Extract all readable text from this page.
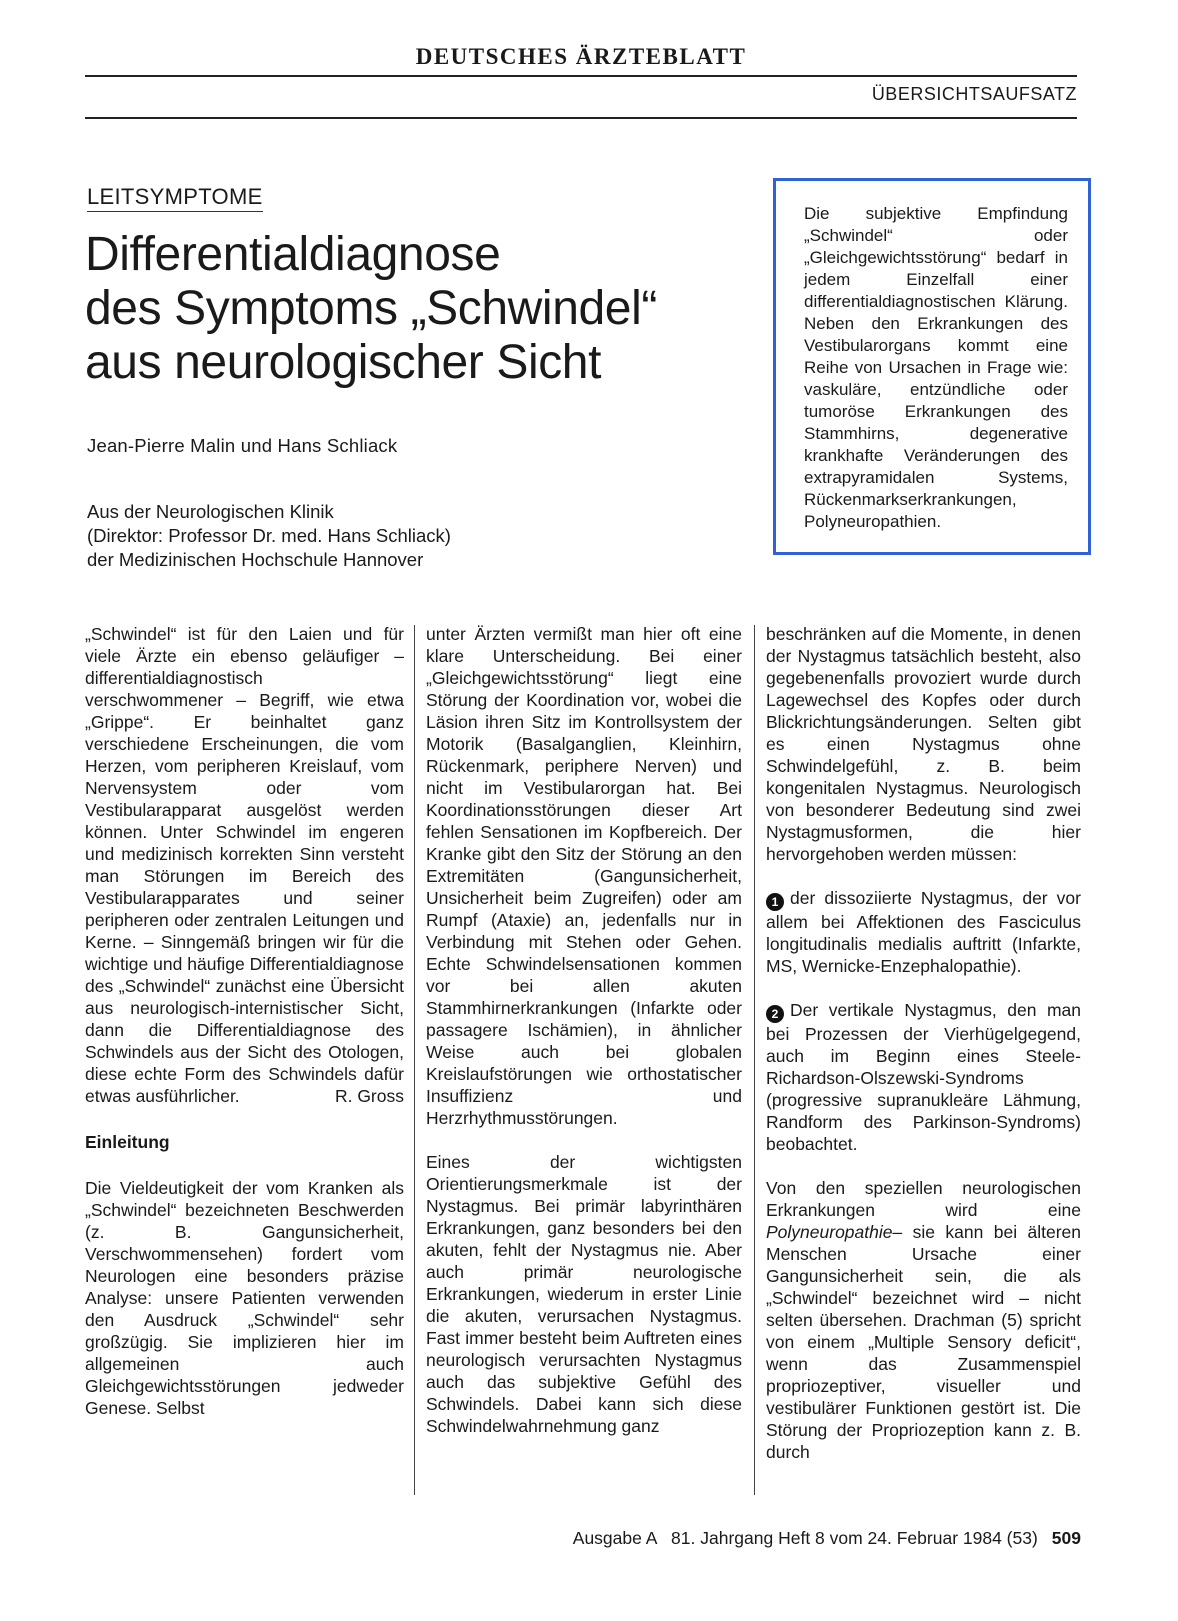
DEUTSCHES ÄRZTEBLATT
ÜBERSICHTSAUFSATZ
LEITSYMPTOME
Differentialdiagnose
des Symptoms „Schwindel“
aus neurologischer Sicht
Jean-Pierre Malin und Hans Schliack
Aus der Neurologischen Klinik
(Direktor: Professor Dr. med. Hans Schliack)
der Medizinischen Hochschule Hannover

Die subjektive Empfindung „Schwindel“ oder „Gleichgewichtsstörung“ bedarf in jedem Einzelfall einer differentialdiagnostischen Klärung. Neben den Erkrankungen des Vestibularorgans kommt eine Reihe von Ursachen in Frage wie: vaskuläre, entzündliche oder tumoröse Erkrankungen des Stammhirns, degenerative krankhafte Veränderungen des extrapyramidalen Systems, Rückenmarkserkrankungen, Polyneuropathien.

„Schwindel“ ist für den Laien und für viele Ärzte ein ebenso geläufiger – differentialdiagnostisch verschwommener – Begriff, wie etwa „Grippe“. Er beinhaltet ganz verschiedene Erscheinungen, die vom Herzen, vom peripheren Kreislauf, vom Nervensystem oder vom Vestibularapparat ausgelöst werden können. Unter Schwindel im engeren und medizinisch korrekten Sinn versteht man Störungen im Bereich des Vestibularapparates und seiner peripheren oder zentralen Leitungen und Kerne. – Sinngemäß bringen wir für die wichtige und häufige Differentialdiagnose des „Schwindel“ zunächst eine Übersicht aus neurologisch-internistischer Sicht, dann die Differentialdiagnose des Schwindels aus der Sicht des Otologen, diese echte Form des Schwindels dafür etwas ausführlicher.	R. Gross

Einleitung

Die Vieldeutigkeit der vom Kranken als „Schwindel“ bezeichneten Beschwerden (z. B. Gangunsicherheit, Verschwommensehen) fordert vom Neurologen eine besonders präzise Analyse: unsere Patienten verwenden den Ausdruck „Schwindel“ sehr großzügig. Sie implizieren hier im allgemeinen auch Gleichgewichtsstörungen jedweder Genese. Selbst

unter Ärzten vermißt man hier oft eine klare Unterscheidung. Bei einer „Gleichgewichtsstörung“ liegt eine Störung der Koordination vor, wobei die Läsion ihren Sitz im Kontrollsystem der Motorik (Basalganglien, Kleinhirn, Rückenmark, periphere Nerven) und nicht im Vestibularorgan hat. Bei Koordinationsstörungen dieser Art fehlen Sensationen im Kopfbereich. Der Kranke gibt den Sitz der Störung an den Extremitäten (Gangunsicherheit, Unsicherheit beim Zugreifen) oder am Rumpf (Ataxie) an, jedenfalls nur in Verbindung mit Stehen oder Gehen. Echte Schwindelsensationen kommen vor bei allen akuten Stammhirnerkrankungen (Infarkte oder passagere Ischämien), in ähnlicher Weise auch bei globalen Kreislaufstörungen wie orthostatischer Insuffizienz und Herzrhythmusstörungen.

Eines der wichtigsten Orientierungsmerkmale ist der Nystagmus. Bei primär labyrinthären Erkrankungen, ganz besonders bei den akuten, fehlt der Nystagmus nie. Aber auch primär neurologische Erkrankungen, wiederum in erster Linie die akuten, verursachen Nystagmus. Fast immer besteht beim Auftreten eines neurologisch verursachten Nystagmus auch das subjektive Gefühl des Schwindels. Dabei kann sich diese Schwindelwahrnehmung ganz

beschränken auf die Momente, in denen der Nystagmus tatsächlich besteht, also gegebenenfalls provoziert wurde durch Lagewechsel des Kopfes oder durch Blickrichtungsänderungen. Selten gibt es einen Nystagmus ohne Schwindelgefühl, z. B. beim kongenitalen Nystagmus. Neurologisch von besonderer Bedeutung sind zwei Nystagmusformen, die hier hervorgehoben werden müssen:

1 der dissoziierte Nystagmus, der vor allem bei Affektionen des Fasciculus longitudinalis medialis auftritt (Infarkte, MS, Wernicke-Enzephalopathie).

2 Der vertikale Nystagmus, den man bei Prozessen der Vierhügelgegend, auch im Beginn eines Steele-Richardson-Olszewski-Syndroms (progressive supranukleäre Lähmung, Randform des Parkinson-Syndroms) beobachtet.

Von den speziellen neurologischen Erkrankungen wird eine Polyneuropathie– sie kann bei älteren Menschen Ursache einer Gangunsicherheit sein, die als „Schwindel“ bezeichnet wird – nicht selten übersehen. Drachman (5) spricht von einem „Multiple Sensory deficit“, wenn das Zusammenspiel propriozeptiver, visueller und vestibulärer Funktionen gestört ist. Die Störung der Propriozeption kann z. B. durch

Ausgabe A   81. Jahrgang Heft 8 vom 24. Februar 1984 (53) 509
